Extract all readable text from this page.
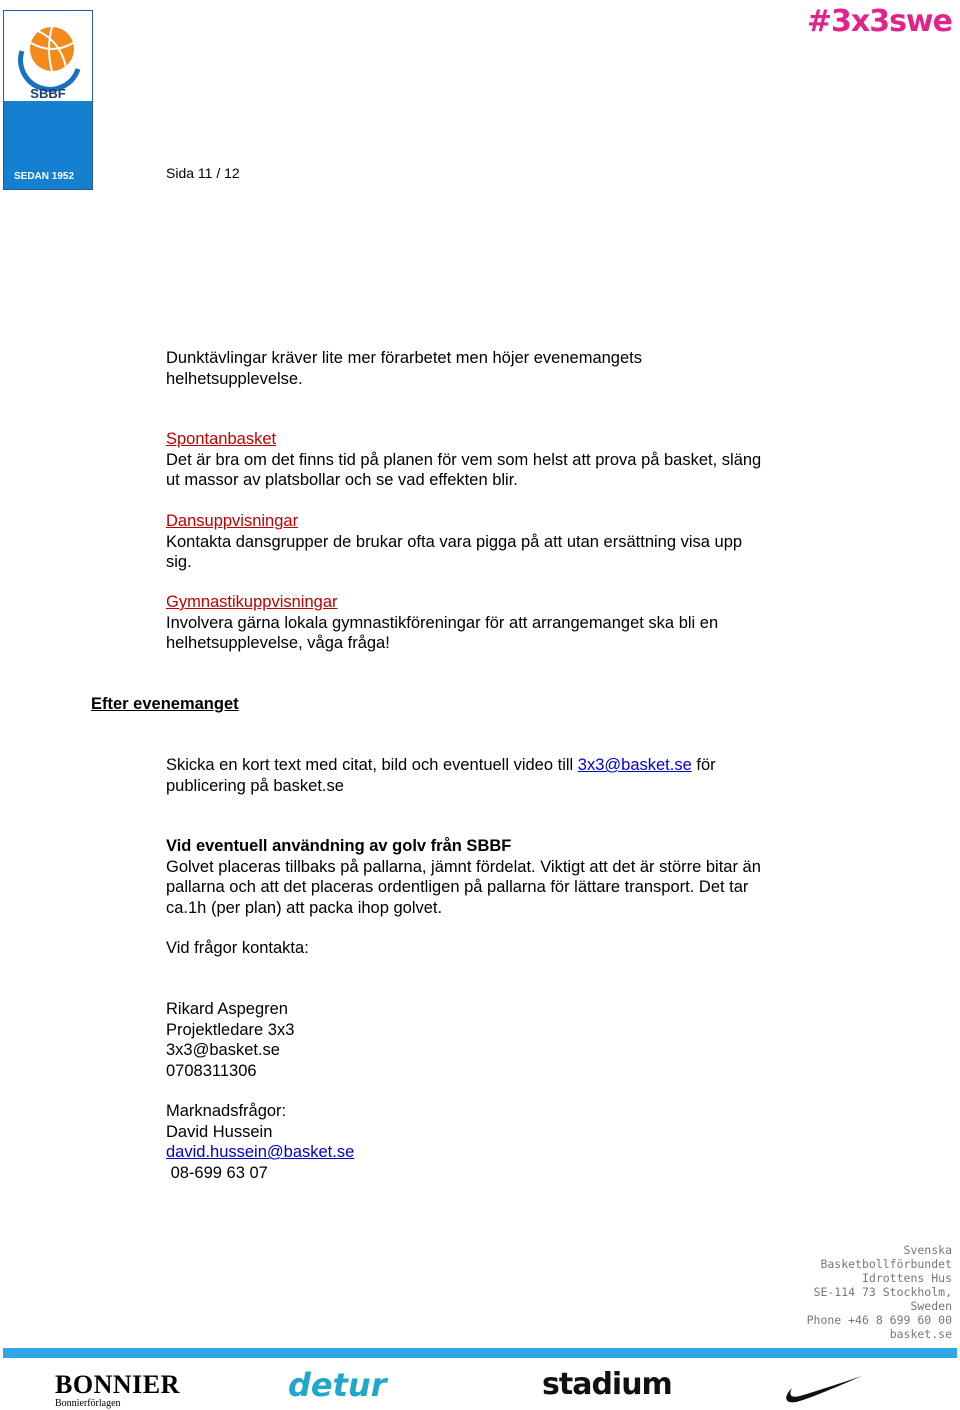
SBBF
SVENSKA
BASKETBOLL
FÖRBUNDET
SEDAN 1952
#3x3swe
Sida 11 / 12
Dunktävlingar kräver lite mer förarbetet men höjer evenemangets
helhetsupplevelse.
Spontanbasket
Det är bra om det finns tid på planen för vem som helst att prova på basket, släng
ut massor av platsbollar och se vad effekten blir.
Dansuppvisningar
Kontakta dansgrupper de brukar ofta vara pigga på att utan ersättning visa upp
sig.
Gymnastikuppvisningar
Involvera gärna lokala gymnastikföreningar för att arrangemanget ska bli en
helhetsupplevelse, våga fråga!
Efter evenemanget
Skicka en kort text med citat, bild och eventuell video till 3x3@basket.se för
publicering på basket.se
Vid eventuell användning av golv från SBBF
Golvet placeras tillbaks på pallarna, jämnt fördelat. Viktigt att det är större bitar än
pallarna och att det placeras ordentligen på pallarna för lättare transport. Det tar
ca.1h (per plan) att packa ihop golvet.
Vid frågor kontakta:
Rikard Aspegren
Projektledare 3x3
3x3@basket.se
0708311306
Marknadsfrågor:
David Hussein
david.hussein@basket.se
08-699 63 07
Svenska
Basketbollförbundet
Idrottens Hus
SE-114 73 Stockholm,
Sweden
Phone +46 8 699 60 00
basket.se
BONNIER
Bonnierförlagen	detur	stadium
